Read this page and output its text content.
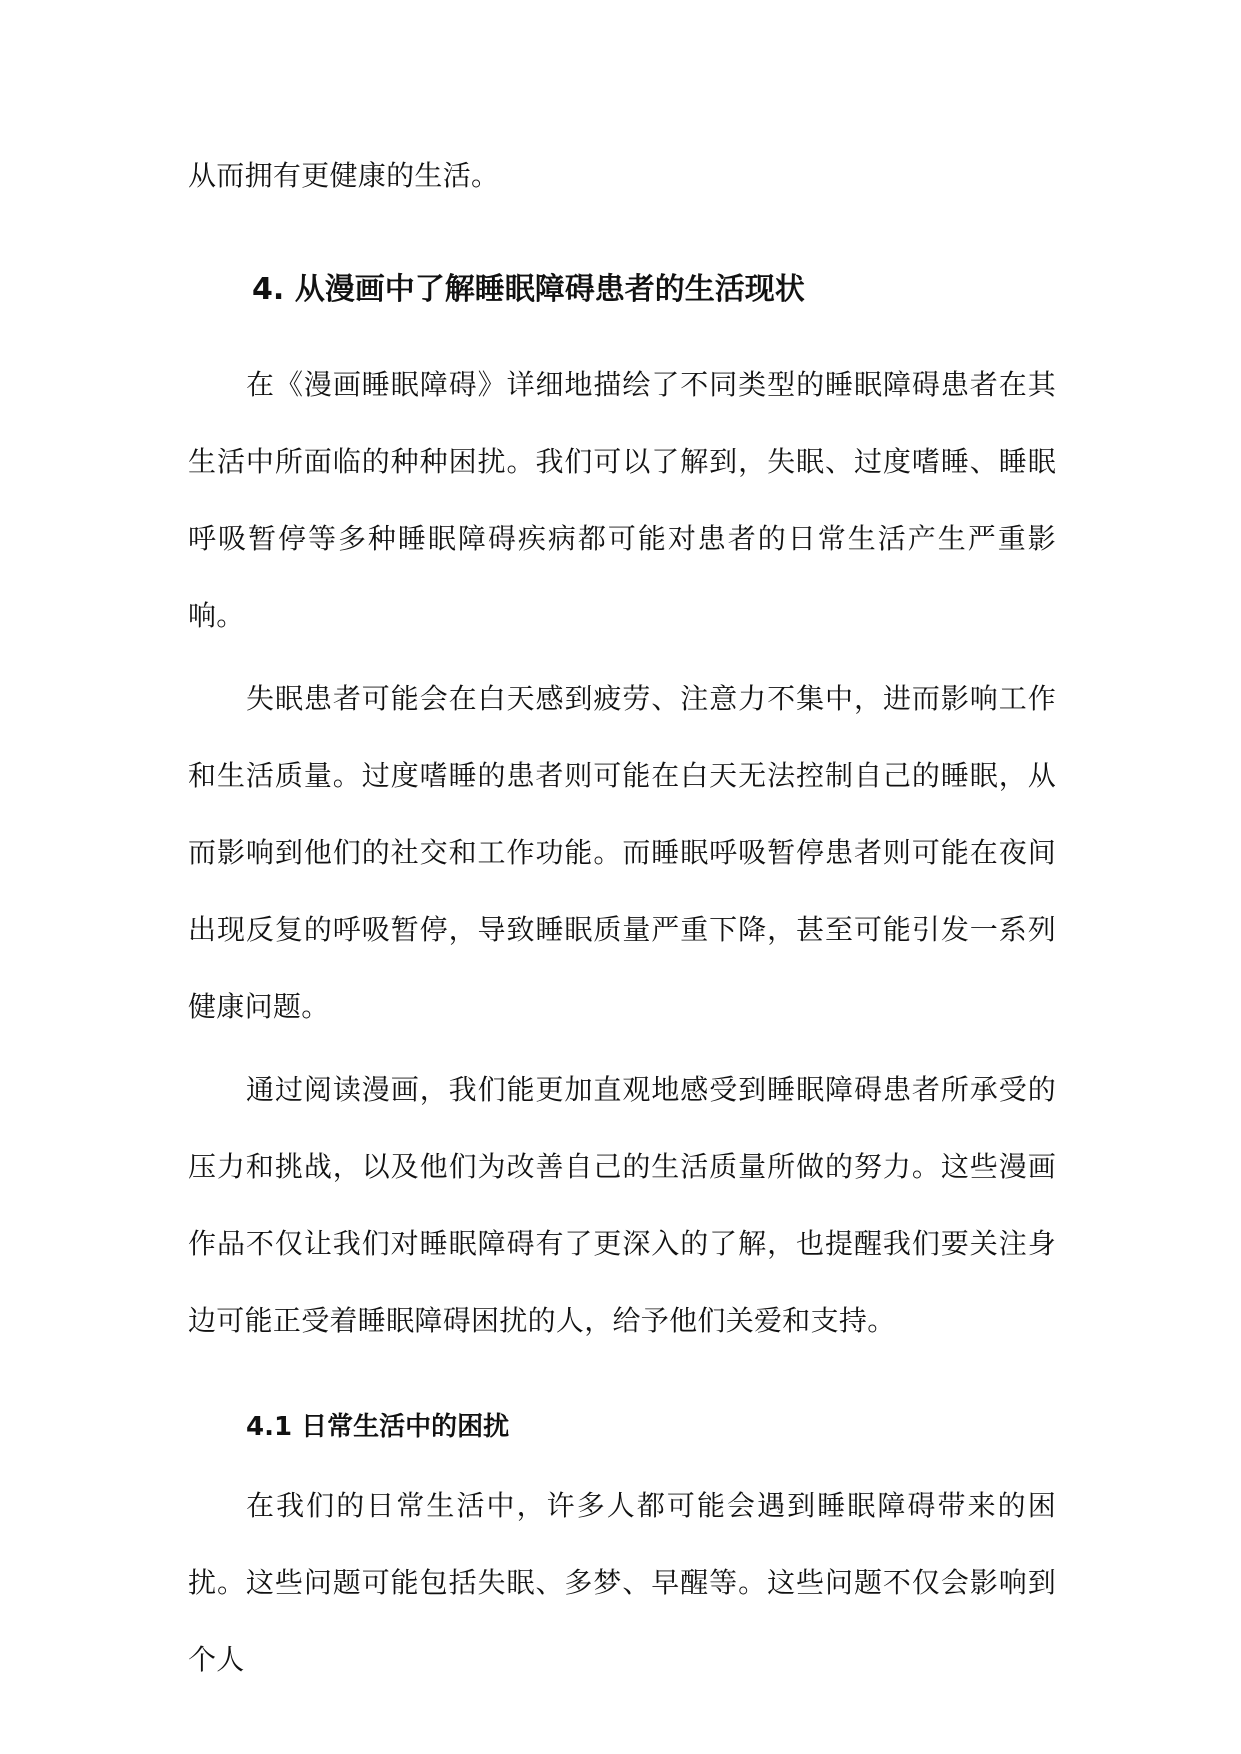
从而拥有更健康的生活。

4. 从漫画中了解睡眠障碍患者的生活现状

在《漫画睡眠障碍》详细地描绘了不同类型的睡眠障碍患者在其生活中所面临的种种困扰。我们可以了解到，失眠、过度嗜睡、睡眠呼吸暂停等多种睡眠障碍疾病都可能对患者的日常生活产生严重影响。

失眠患者可能会在白天感到疲劳、注意力不集中，进而影响工作和生活质量。过度嗜睡的患者则可能在白天无法控制自己的睡眠，从而影响到他们的社交和工作功能。而睡眠呼吸暂停患者则可能在夜间出现反复的呼吸暂停，导致睡眠质量严重下降，甚至可能引发一系列健康问题。

通过阅读漫画，我们能更加直观地感受到睡眠障碍患者所承受的压力和挑战，以及他们为改善自己的生活质量所做的努力。这些漫画作品不仅让我们对睡眠障碍有了更深入的了解，也提醒我们要关注身边可能正受着睡眠障碍困扰的人，给予他们关爱和支持。

4.1 日常生活中的困扰

在我们的日常生活中，许多人都可能会遇到睡眠障碍带来的困扰。这些问题可能包括失眠、多梦、早醒等。这些问题不仅会影响到个人
